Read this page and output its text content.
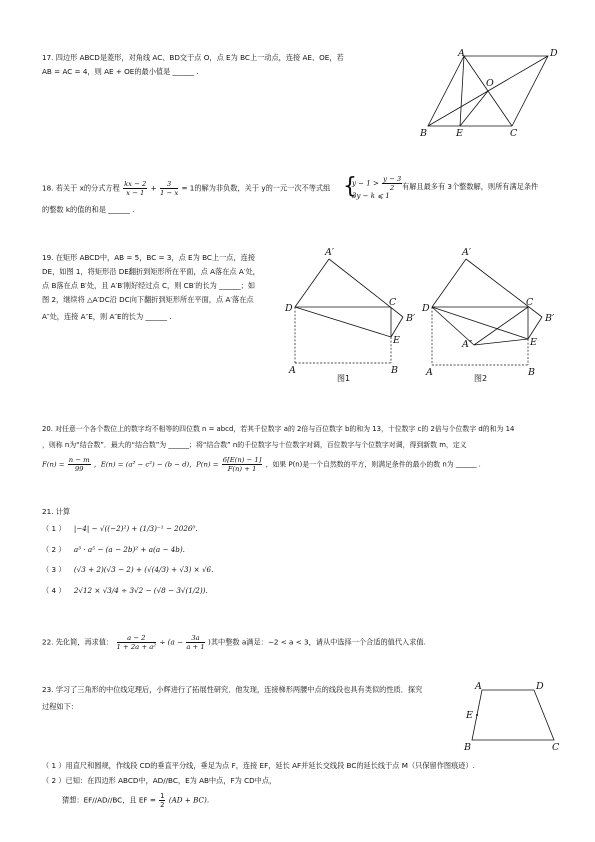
17. 四边形 ABCD是菱形，对角线 AC、BD交于点 O，点 E为 BC上一动点，连接 AE、OE，若
AB = AC = 4，则 AE + OE的最小值是 ______ .
A	D
O
B	E	C
18. 若关于 x的分式方程 $\frac{kx - 2}{x - 1} + \frac{3}{1 - x} = 1$的解为非负数，关于 y的一元一次不等式组 {
$y - 1 > \frac{y - 3}{2}$
3y − k ⩽ 1
有解且最多有 3个整数解，则所有满足条件
的整数 k的值的和是 ______ .
19. 在矩形 ABCD中，AB = 5，BC = 3，点 E为 BC上一点，连接
DE，如图 1，将矩形沿 DE翻折到矩形所在平面，点 A落在点 A′处，
点 B落在点 B′处，且 A′B′刚好经过点 C，则 CB′的长为 ______；如
图 2，继续将 △A′DC沿 DC向下翻折到矩形所在平面，点 A′落在点
A″处，连接 A″E，则 A″E的长为 ______ .
A′
D
C
B′
E
A	B
图1
A′
D
C
B′
A″	E
A	B
图2
20. 对任意一个各个数位上的数字均不相等的四位数 n = abcd，若其千位数字 a的 2倍与百位数字 b的和为 13，十位数字 c的 2倍与个位数字 d的和为 14
，则称 n为“结合数”．最大的“结合数”为 ______；将“结合数” n的千位数字与十位数字对调，百位数字与个位数字对调，得到新数 m，定义
$F(n) = \frac{n - m}{99}$ ，E(n) = (a² − c²) − (b − d)，$P(n) = \frac{6[E(n) - 1]}{F(n) + 1}$ ，如果 P(n)是一个自然数的平方，则满足条件的最小的数 n为 ______ .
21. 计算
（ 1 ） |−4| − √((−2)²) + (1/3)⁻¹ − 2026⁰.
（ 2 ） a³ · a⁵ − (a − 2b)² + a(a − 4b).
（ 3 ） (√3 + 2)(√3 − 2) + (√(4/3) + √3) × √6.
（ 4 ） 2√12 × √3/4 ÷ 3√2 − (√8 − 3√(1/2)).
22. 先化简，再求值： $\frac{a - 2}{\text{1 + 2a + a²}} \div (a - \frac{3a}{a + 1}$ )其中整数 a满足：−2 < a < 3，请从中选择一个合适的值代入求值.
23. 学习了三角形的中位线定理后，小辉进行了拓展性研究．他发现，连接梯形两腰中点的线段也具有类似的性质．探究
过程如下：
A	D
E
B	C
（ 1 ）用直尺和圆规，作线段 CD的垂直平分线，垂足为点 F，连接 EF，延长 AF并延长交线段 BC的延长线于点 M（只保留作图痕迹）.
（ 2 ）已知：在四边形 ABCD中，AD//BC，E为 AB中点，F为 CD中点，
猜想：EF//AD//BC，且 EF = $\frac{1}{2} (AD + BC)$.
